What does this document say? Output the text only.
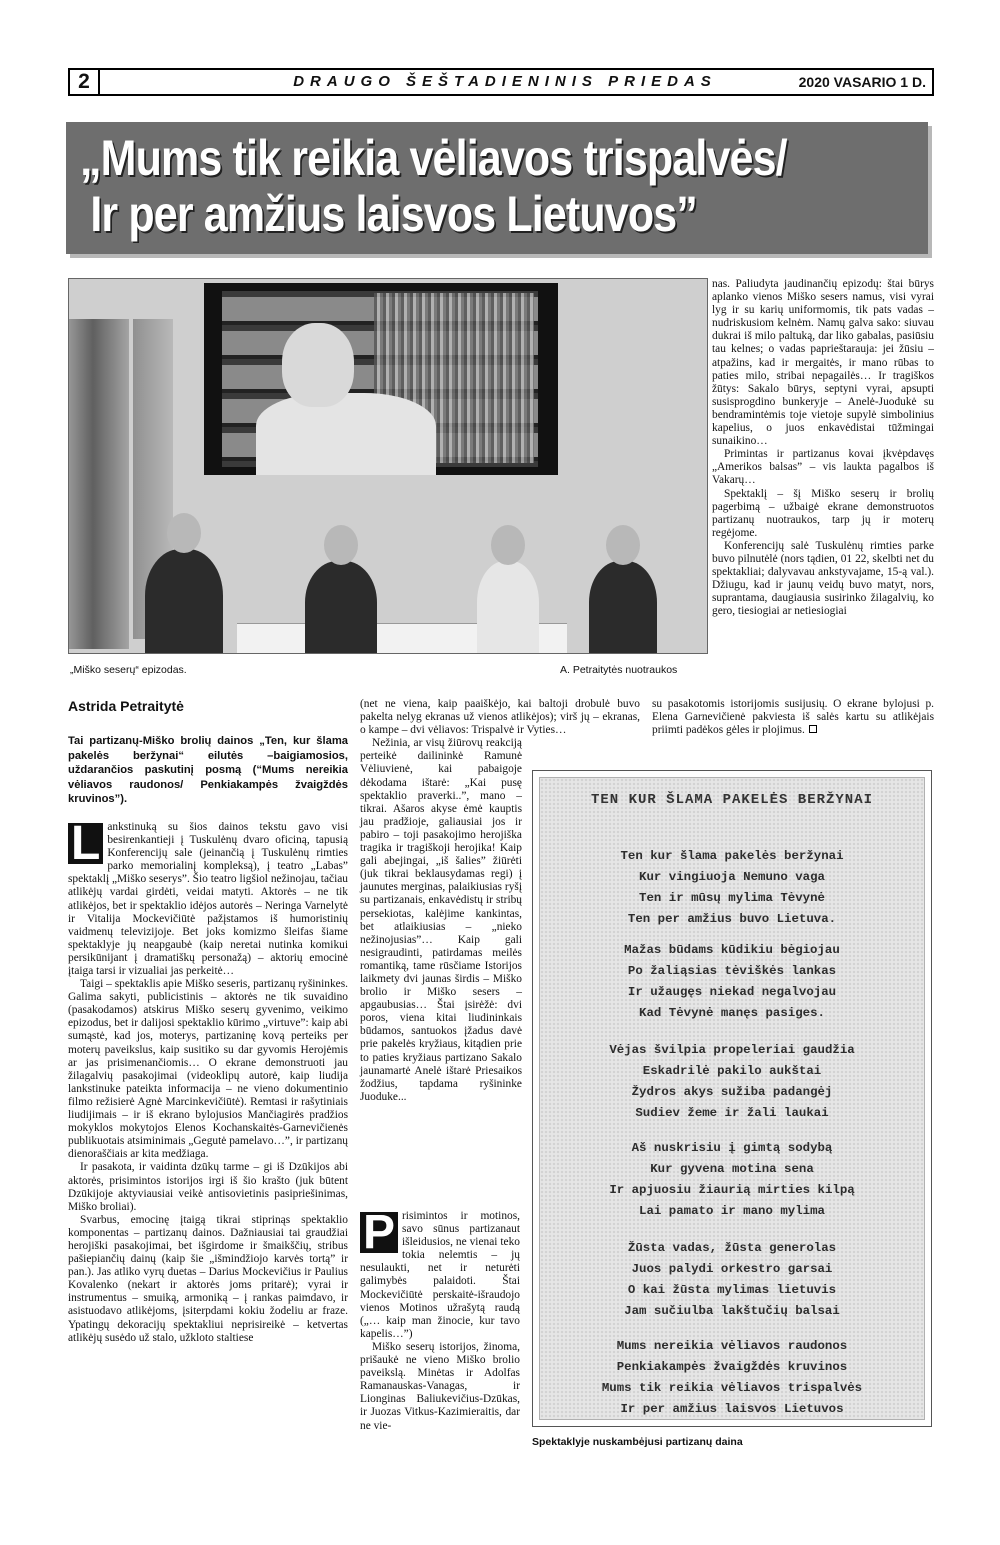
2	DRAUGO ŠEŠTADIENINIS PRIEDAS	2020 VASARIO 1 D.
„Mums tik reikia vėliavos trispalvės/
Ir per amžius laisvos Lietuvos”
„Miško seserų“ epizodas.	A. Petraitytės nuotraukos
Astrida Petraitytė
Tai partizanų-Miško brolių dainos „Ten, kur šlama pakelės beržynai“ eilutės –baigiamosios, uždarančios paskutinį posmą (“Mums nereikia vėliavos raudonos/ Penkiakampės žvaigždės kruvinos”).

L ankstinuką su šios dainos tekstu gavo visi besirenkantieji į Tuskulėnų dvaro oficiną, tapusią Konferencijų sale (jeinančią į Tuskulėnų rimties parko memorialinį kompleksą), į teatro „Labas” spektaklį „Miško seserys”. Šio teatro ligšiol nežinojau, tačiau atlikėjų vardai girdėti, veidai matyti. Aktorės – ne tik atlikėjos, bet ir spektaklio idėjos autorės – Neringa Varnelytė ir Vitalija Mockevičiūtė pažįstamos iš humoristinių vaidmenų televizijoje. Bet joks komizmo šleifas šiame spektaklyje jų neapgaubė (kaip neretai nutinka komikui persikūnijant į dramatiškų personažą) – aktorių emocinė įtaiga tarsi ir vizualiai jas perkeitė…

Taigi – spektaklis apie Miško seseris, partizanų ryšininkes. Galima sakyti, publicistinis – aktorės ne tik suvaidino (pasakodamos) atskirus Miško seserų gyvenimo, veikimo epizodus, bet ir dalijosi spektaklio kūrimo „virtuve”: kaip abi sumąstė, kad jos, moterys, partizaninę kovą perteiks per moterų paveikslus, kaip susitiko su dar gyvomis Herojėmis ar jas prisimenančiomis… O ekrane demonstruoti jau žilagalvių pasakojimai (videoklipų autorė, kaip liudija lankstinuke pateikta informacija – ne vieno dokumentinio filmo režisierė Agnė Marcinkevičiūtė). Remtasi ir rašytiniais liudijimais – ir iš ekrano bylojusios Mančiagirės pradžios mokyklos mokytojos Elenos Kochanskaitės-Garnevičienės publikuotais atsiminimais „Gegutė pamelavo…”, ir partizanų dienoraščiais ar kita medžiaga.

Ir pasakota, ir vaidinta dzūkų tarme – gi iš Dzūkijos abi aktorės, prisimintos istorijos irgi iš šio krašto (juk būtent Dzūkijoje aktyviausiai veikė antisovietinis pasipriešinimas, Miško broliai).

Svarbus, emocinę įtaigą tikrai stiprinąs spektaklio komponentas – partizanų dainos. Dažniausiai tai graudžiai herojiški pasakojimai, bet išgirdome ir šmaikščių, stribus pašiepiančių dainų (kaip šie „išmindžiojo karvės tortą” ir pan.). Jas atliko vyrų duetas – Darius Mockevičius ir Paulius Kovalenko (nekart ir aktorės joms pritarė); vyrai ir instrumentus – smuiką, armoniką – į rankas paimdavo, ir asistuodavo atlikėjoms, įsiterpdami kokiu žodeliu ar fraze. Ypatingų dekoracijų spektakliui neprisireikė – ketvertas atlikėjų susėdo už stalo, užkloto staltiese

(net ne viena, kaip paaiškėjo, kai baltoji drobulė buvo pakelta nelyg ekranas už vienos atlikėjos); virš jų – ekranas, o kampe – dvi vėliavos: Trispalvė ir Vyties…

Nežinia, ar visų žiūrovų reakciją perteikė dailininkė Ramunė Vėliuvienė, kai pabaigoje dėkodama ištarė: „Kai pusę spektaklio praverki..”, mano – tikrai. Ašaros akyse ėmė kauptis jau pradžioje, galiausiai jos ir pabiro – toji pasakojimo herojiška tragika ir tragiškoji herojika! Kaip gali abejingai, „iš šalies” žiūrėti (juk tikrai beklausydamas regi) į jaunutes merginas, palaikiusias ryšį su partizanais, enkavėdistų ir stribų persekiotas, kalėjime kankintas, bet atlaikiusias – „nieko nežinojusias”… Kaip gali nesigraudinti, patirdamas meilės romantiką, tame rūsčiame Istorijos laikmety dvi jaunas širdis – Miško brolio ir Miško sesers – apgaubusias… Štai įsirėžė: dvi poros, viena kitai liudininkais būdamos, santuokos įžadus davė prie pakelės kryžiaus, kitądien prie to paties kryžiaus partizano Sakalo jaunamartė Anelė ištarė Priesaikos žodžius, tapdama ryšininke Juoduke...

P risimintos ir motinos, savo sūnus partizanaut išleidusios, ne vienai teko tokia nelemtis – jų nesulaukti, net ir neturėti galimybės palaidoti. Štai Mockevičiūtė perskaitė-išraudojo vienos Motinos užrašytą raudą („… kaip man žinocie, kur tavo kapelis…”)

Miško seserų istorijos, žinoma, prišaukė ne vieno Miško brolio paveikslą. Minėtas ir Adolfas Ramanauskas-Vanagas, ir Lionginas Baliukevičius-Dzūkas, ir Juozas Vitkus-Kazimieraitis, dar ne vie-

nas. Paliudyta jaudinančių epizodų: štai būrys aplanko vienos Miško sesers namus, visi vyrai lyg ir su karių uniformomis, tik pats vadas – nudriskusiom kelnėm. Namų galva sako: siuvau dukrai iš milo paltuką, dar liko gabalas, pasiūsiu tau kelnes; o vadas paprieštarauja: jei žūsiu – atpažins, kad ir mergaitės, ir mano rūbas to paties milo, stribai nepagailės… Ir tragiškos žūtys: Sakalo būrys, septyni vyrai, apsupti susisprogdino bunkeryje – Anelė-Juodukė su bendramintėmis toje vietoje supylė simbolinius kapelius, o juos enkavėdistai tūžmingai sunaikino…

Primintas ir partizanus kovai įkvėpdavęs „Amerikos balsas” – vis laukta pagalbos iš Vakarų…

Spektaklį – šį Miško seserų ir brolių pagerbimą – užbaigė ekrane demonstruotos partizanų nuotraukos, tarp jų ir moterų regėjome.

Konferencijų salė Tuskulėnų rimties parke buvo pilnutėlė (nors tądien, 01 22, skelbti net du spektakliai; dalyvavau ankstyvajame, 15-ą val.). Džiugu, kad ir jaunų veidų buvo matyt, nors, suprantama, daugiausia susirinko žilagalvių, ko gero, tiesiogiai ar netiesiogiai

su pasakotomis istorijomis susijusių. O ekrane bylojusi p. Elena Garnevičienė pakviesta iš salės kartu su atlikėjais priimti padėkos gėles ir plojimus.

TEN KUR ŠLAMA PAKELĖS BERŽYNAI
Ten kur šlama pakelės beržynai
Kur vingiuoja Nemuno vaga
Ten ir mūsų mylima Tėvynė
Ten per amžius buvo Lietuva.
Mažas būdams kūdikiu bėgiojau
Po žaliąsias tėviškės lankas
Ir užaugęs niekad negalvojau
Kad Tėvynė manęs pasiges.
Vėjas švilpia propeleriai gaudžia
Eskadrilė pakilo aukštai
Žydros akys sužiba padangėj
Sudiev žeme ir žali laukai
Aš nuskrisiu į gimtą sodybą
Kur gyvena motina sena
Ir apjuosiu žiaurią mirties kilpą
Lai pamato ir mano mylima
Žūsta vadas, žūsta generolas
Juos palydi orkestro garsai
O kai žūsta mylimas lietuvis
Jam sučiulba lakštučių balsai
Mums nereikia vėliavos raudonos
Penkiakampės žvaigždės kruvinos
Mums tik reikia vėliavos trispalvės
Ir per amžius laisvos Lietuvos
Spektaklyje nuskambėjusi partizanų daina
